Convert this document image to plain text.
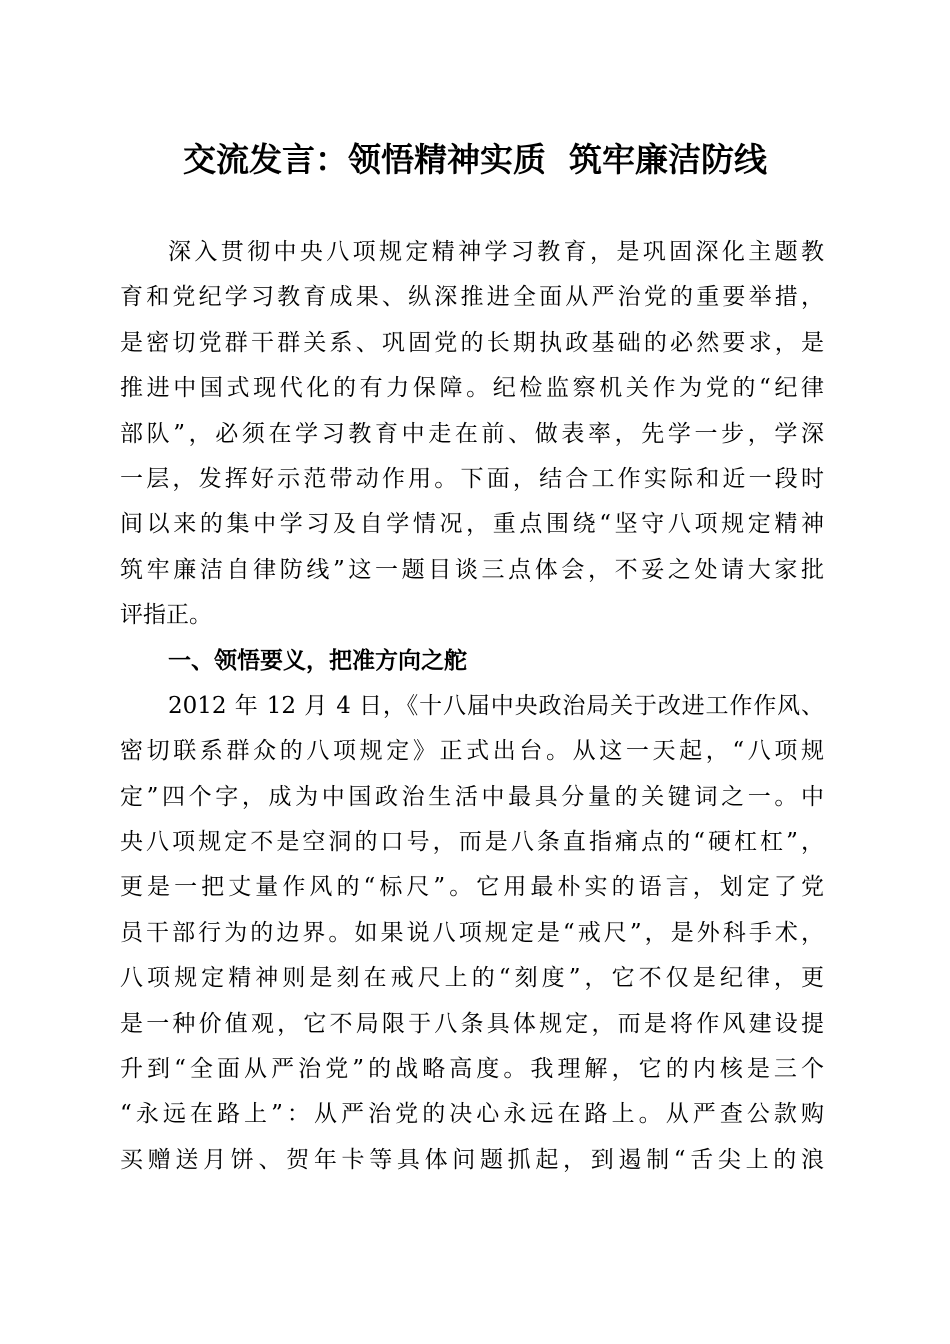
交流发言：领悟精神实质  筑牢廉洁防线
深入贯彻中央八项规定精神学习教育，是巩固深化主题教
育和党纪学习教育成果、纵深推进全面从严治党的重要举措，
是密切党群干群关系、巩固党的长期执政基础的必然要求，是
推进中国式现代化的有力保障。纪检监察机关作为党的“纪律
部队”，必须在学习教育中走在前、做表率，先学一步，学深
一层，发挥好示范带动作用。下面，结合工作实际和近一段时
间以来的集中学习及自学情况，重点围绕“坚守八项规定精神
筑牢廉洁自律防线”这一题目谈三点体会，不妥之处请大家批
评指正。
一、领悟要义，把准方向之舵
2012 年 12 月 4 日，《十八届中央政治局关于改进工作作风、
密切联系群众的八项规定》正式出台。从这一天起，“八项规
定”四个字，成为中国政治生活中最具分量的关键词之一。中
央八项规定不是空洞的口号，而是八条直指痛点的“硬杠杠”，
更是一把丈量作风的“标尺”。它用最朴实的语言，划定了党
员干部行为的边界。如果说八项规定是“戒尺”，是外科手术，
八项规定精神则是刻在戒尺上的“刻度”，它不仅是纪律，更
是一种价值观，它不局限于八条具体规定，而是将作风建设提
升到“全面从严治党”的战略高度。我理解，它的内核是三个
“永远在路上”：从严治党的决心永远在路上。从严查公款购
买赠送月饼、贺年卡等具体问题抓起，到遏制“舌尖上的浪
